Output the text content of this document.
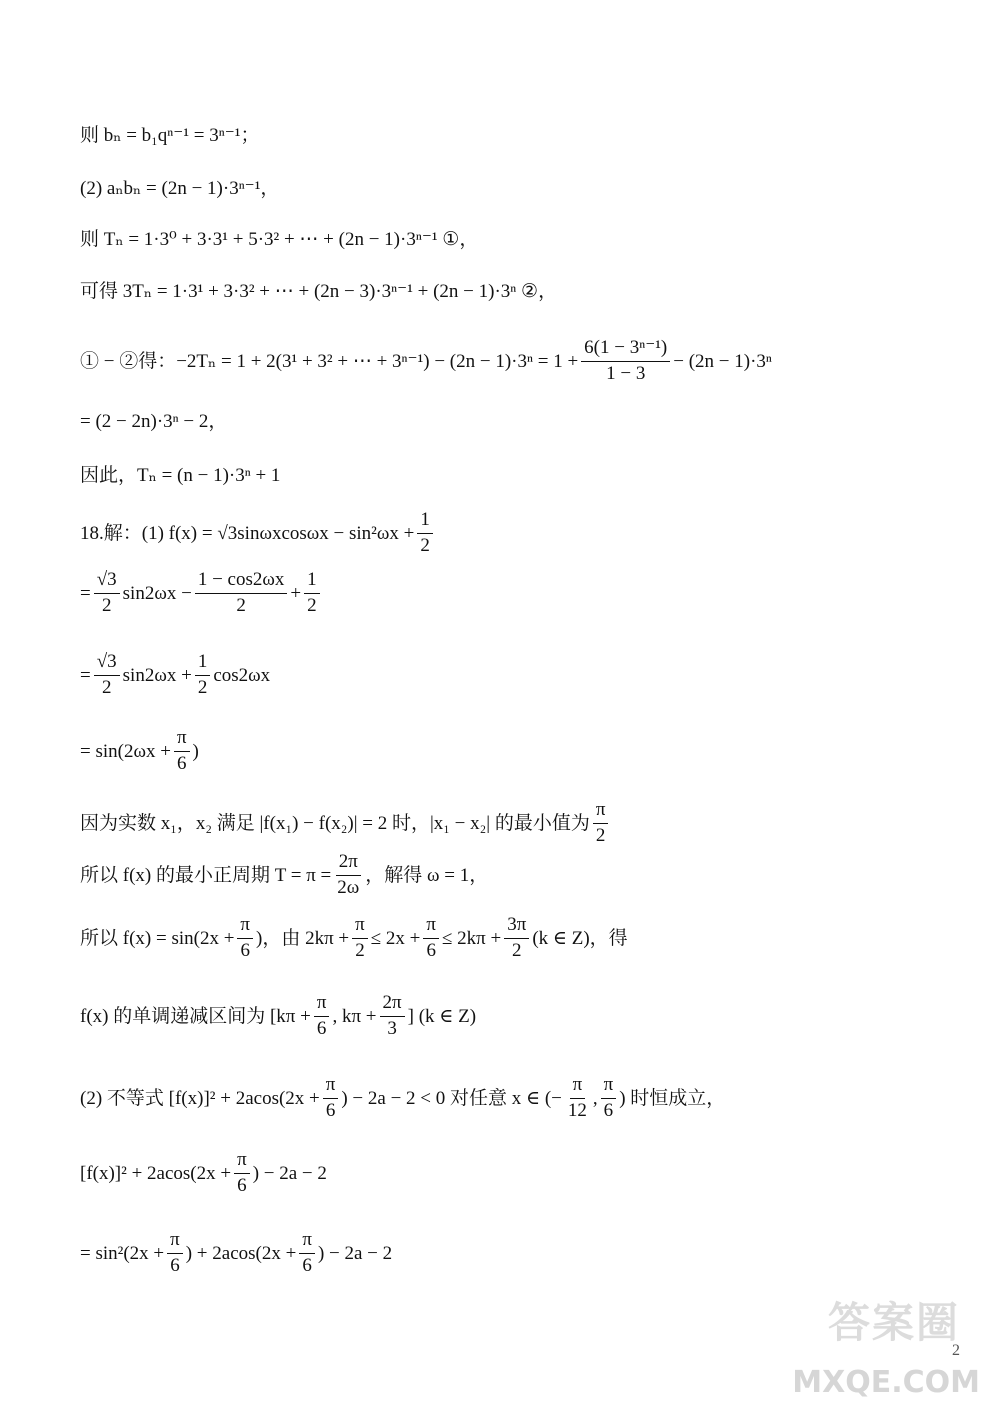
则 bₙ = b₁qⁿ⁻¹ = 3ⁿ⁻¹；
(2) aₙbₙ = (2n − 1)·3ⁿ⁻¹，
则 Tₙ = 1·3⁰ + 3·3¹ + 5·3² + ⋯ + (2n − 1)·3ⁿ⁻¹ ①，
可得 3Tₙ = 1·3¹ + 3·3² + ⋯ + (2n − 3)·3ⁿ⁻¹ + (2n − 1)·3ⁿ ②，
① − ②得：−2Tₙ = 1 + 2(3¹ + 3² + ⋯ + $3^{n-1}) - (2n - 1)\cdot 3^n = 1 + \frac{\text{6(1 − 3ⁿ⁻¹)}}{1 - 3} - (2n - 1)\cdot 3^n$
= (2 − 2n)·3ⁿ − 2，
因此，Tₙ = (n − 1)·3ⁿ + 1
18.解：(1) $f(x) = √3\sin\omega xcos\omega x - \sin^2\omega x + \frac{1}{2}$
= $\frac{√3}{2} \sin 2\omega x - \frac{1 - \cos 2\omega x}{2} + \frac{1}{2}$
= $\frac{√3}{2} \sin 2\omega x + \frac{1}{2} \cos 2\omega x$
= $\sin(2\omega x + \frac{\pi}{6}$ )
因为实数 x₁，x₂ 满足 |f(x₁) − f(x₂)| = 2 时，|x₁ − x₂| 的最小值为 $\frac{\pi}{2}$
所以 f(x) 的最小正周期 $T = \pi = \frac{2\pi}{2\omega}$ ，解得 ω = 1，
所以 $f(x) = \sin(2x + \frac{\pi}{6}$ )，由 $2k\pi + \frac{\pi}{2} \le 2x + \frac{\pi}{6} \le 2k\pi + \frac{3\pi}{2} (k$ ∈ Z)，得
f(x) 的单调递减区间为 [$k\pi + \frac{\pi}{6}$ , $k\pi + \frac{2\pi}{3}$ ] (k ∈ Z)
(2) 不等式 $[f(x)]^2 + 2acos(2x + \frac{\pi}{6}$ ) − 2a − 2 < 0 对任意 x ∈ (− $\frac{\pi}{12}$ , $\frac{\pi}{6}$ ) 时恒成立，
$[f(x)]^2 + 2acos(2x + \frac{\pi}{6}$ ) − 2a − 2
= $\sin^2(2x + \frac{\pi}{6}$ ) + $2acos(2x + \frac{\pi}{6}$ ) − 2a − 2
2
答案圈
MXQE.COM
